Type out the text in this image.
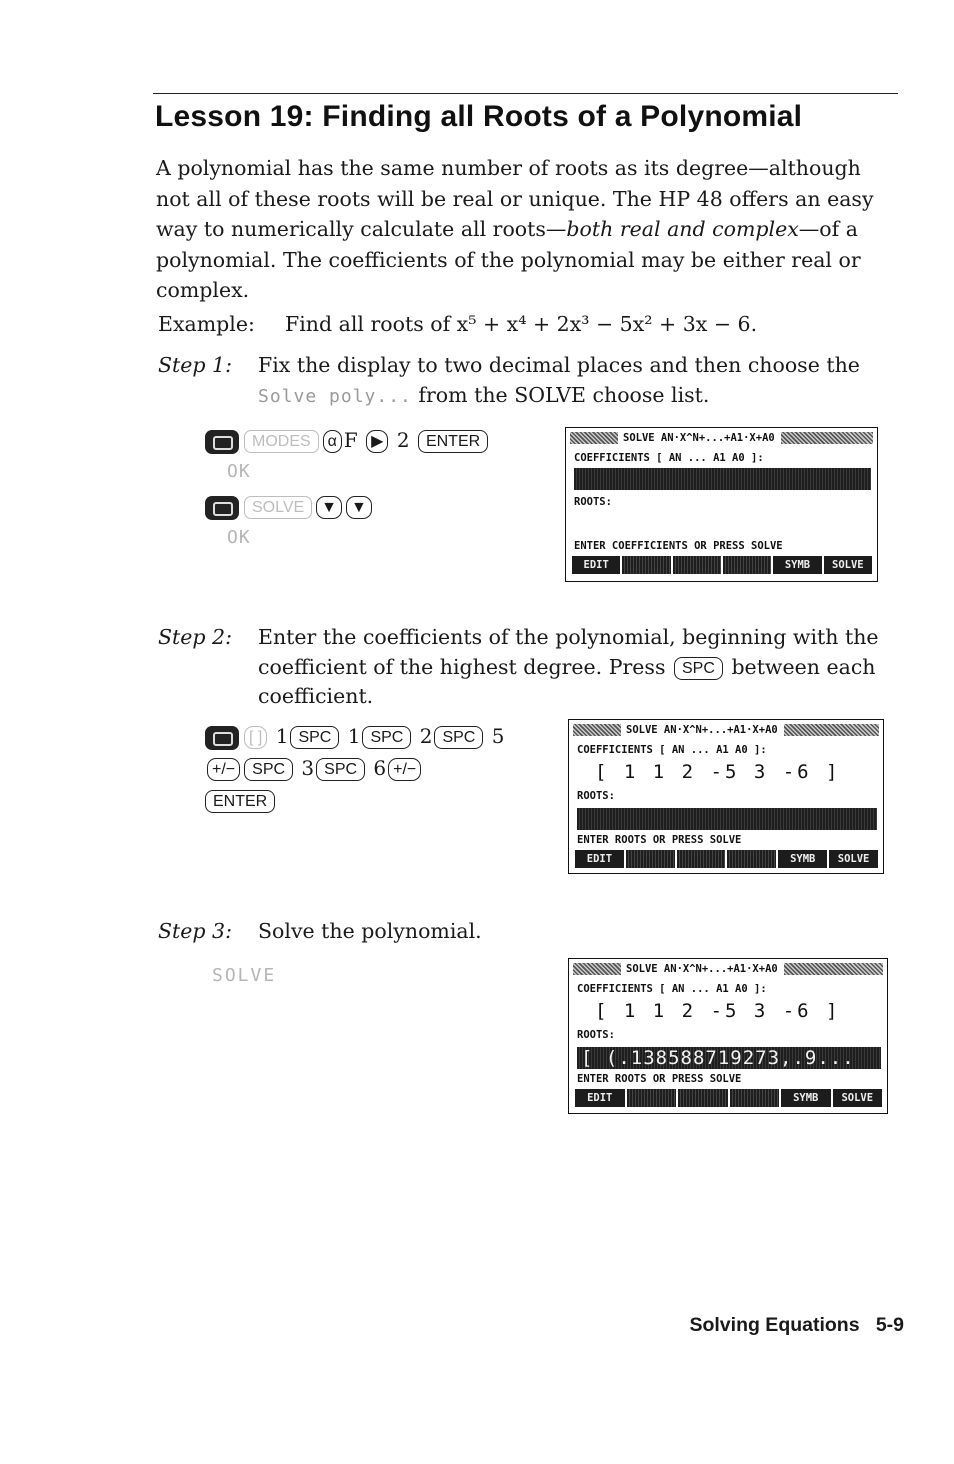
Lesson 19: Finding all Roots of a Polynomial
A polynomial has the same number of roots as its degree—although not all of these roots will be real or unique. The HP 48 offers an easy way to numerically calculate all roots—both real and complex—of a polynomial. The coefficients of the polynomial may be either real or complex.
Example: Find all roots of x⁵ + x⁴ + 2x³ − 5x² + 3x − 6.
Step 1: Fix the display to two decimal places and then choose the
Solve poly... from the SOLVE choose list.
MODES α F ▶ 2 ENTER
OK
SOLVE ▼ ▼
OK
SOLVE AN·X^N+...+A1·X+A0
COEFFICIENTS [ AN ... A1 A0 ]:
ROOTS:
ENTER COEFFICIENTS OR PRESS SOLVE
EDIT	SYMB	SOLVE
Step 2: Enter the coefficients of the polynomial, beginning with the coefficient of the highest degree. Press SPC between each coefficient.
[ ] 1 SPC 1 SPC 2 SPC 5
+/− SPC 3 SPC 6 +/−
ENTER
SOLVE AN·X^N+...+A1·X+A0
COEFFICIENTS [ AN ... A1 A0 ]:
[ 1 1 2 -5 3 -6 ]
ROOTS:
ENTER ROOTS OR PRESS SOLVE
EDIT	SYMB	SOLVE
Step 3: Solve the polynomial.
SOLVE	SOLVE AN·X^N+...+A1·X+A0
COEFFICIENTS [ AN ... A1 A0 ]:
[ 1 1 2 -5 3 -6 ]
ROOTS:
[ (.138588719273,.9...
ENTER ROOTS OR PRESS SOLVE
EDIT	SYMB	SOLVE
Solving Equations   5-9
